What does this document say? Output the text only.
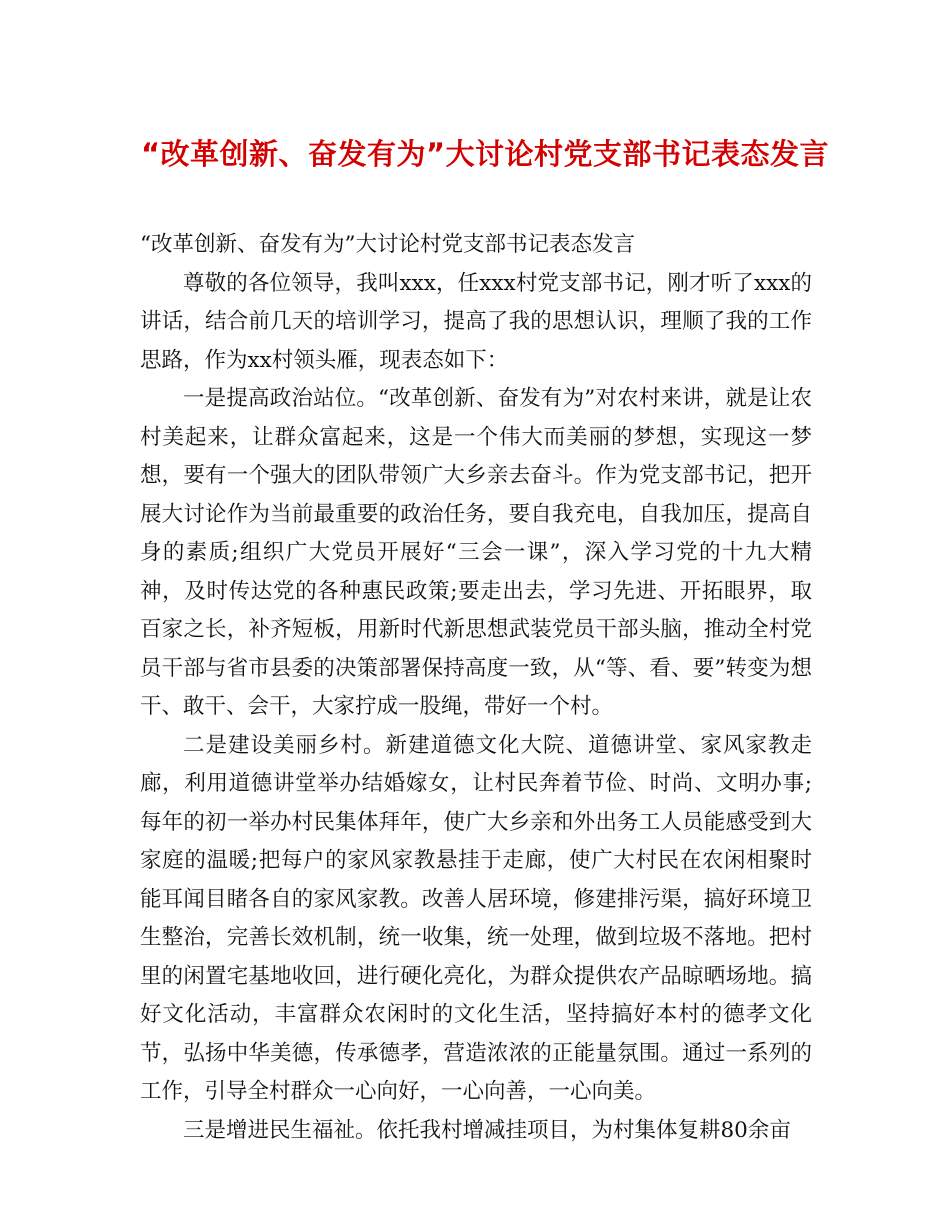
“改革创新、奋发有为”大讨论村党支部书记表态发言

“改革创新、奋发有为”大讨论村党支部书记表态发言

尊敬的各位领导，我叫xxx，任xxx村党支部书记，刚才听了xxx的讲话，结合前几天的培训学习，提高了我的思想认识，理顺了我的工作思路，作为xx村领头雁，现表态如下：

一是提高政治站位。“改革创新、奋发有为”对农村来讲，就是让农村美起来，让群众富起来，这是一个伟大而美丽的梦想，实现这一梦想，要有一个强大的团队带领广大乡亲去奋斗。作为党支部书记，把开展大讨论作为当前最重要的政治任务，要自我充电，自我加压，提高自身的素质;组织广大党员开展好“三会一课”，深入学习党的十九大精神，及时传达党的各种惠民政策;要走出去，学习先进、开拓眼界，取百家之长，补齐短板，用新时代新思想武装党员干部头脑，推动全村党员干部与省市县委的决策部署保持高度一致，从“等、看、要”转变为想干、敢干、会干，大家拧成一股绳，带好一个村。

二是建设美丽乡村。新建道德文化大院、道德讲堂、家风家教走廊，利用道德讲堂举办结婚嫁女，让村民奔着节俭、时尚、文明办事;每年的初一举办村民集体拜年，使广大乡亲和外出务工人员能感受到大家庭的温暖;把每户的家风家教悬挂于走廊，使广大村民在农闲相聚时能耳闻目睹各自的家风家教。改善人居环境，修建排污渠，搞好环境卫生整治，完善长效机制，统一收集，统一处理，做到垃圾不落地。把村里的闲置宅基地收回，进行硬化亮化，为群众提供农产品晾晒场地。搞好文化活动，丰富群众农闲时的文化生活，坚持搞好本村的德孝文化节，弘扬中华美德，传承德孝，营造浓浓的正能量氛围。通过一系列的工作，引导全村群众一心向好，一心向善，一心向美。

三是增进民生福祉。依托我村增减挂项目，为村集体复耕80余亩
